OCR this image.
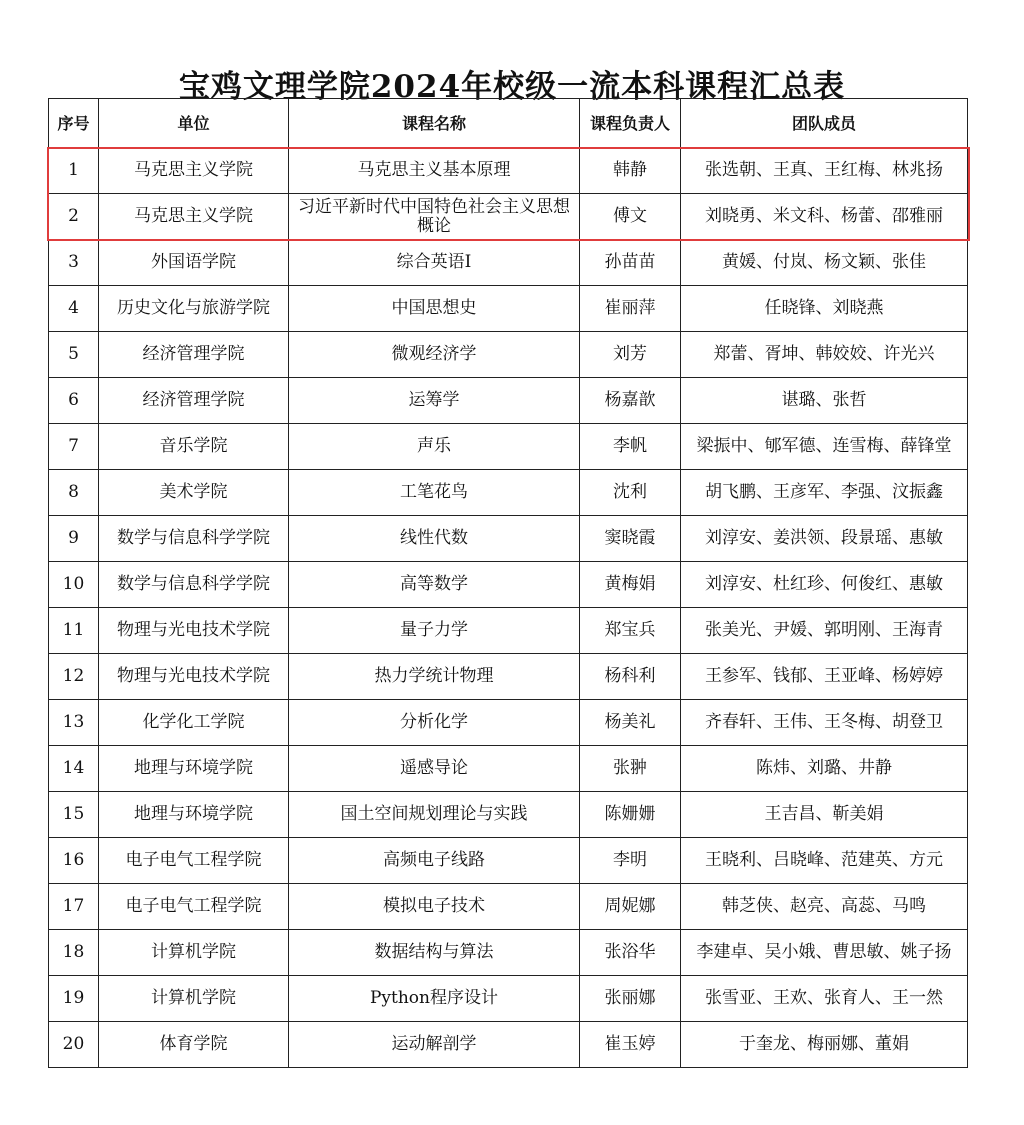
宝鸡文理学院2024年校级一流本科课程汇总表
序号	单位	课程名称	课程负责人	团队成员
1	马克思主义学院	马克思主义基本原理	韩静	张选朝、王真、王红梅、林兆扬
2	马克思主义学院	习近平新时代中国特色社会主义思想概论	傅文	刘晓勇、米文科、杨蕾、邵雅丽
3	外国语学院	综合英语I	孙苗苗	黄媛、付岚、杨文颖、张佳
4	历史文化与旅游学院	中国思想史	崔丽萍	任晓锋、刘晓燕
5	经济管理学院	微观经济学	刘芳	郑蕾、胥坤、韩姣姣、许光兴
6	经济管理学院	运筹学	杨嘉歆	谌璐、张哲
7	音乐学院	声乐	李帆	梁振中、郇军德、连雪梅、薛锋堂
8	美术学院	工笔花鸟	沈利	胡飞鹏、王彦军、李强、汶振鑫
9	数学与信息科学学院	线性代数	窦晓霞	刘淳安、姜洪领、段景瑶、惠敏
10	数学与信息科学学院	高等数学	黄梅娟	刘淳安、杜红珍、何俊红、惠敏
11	物理与光电技术学院	量子力学	郑宝兵	张美光、尹媛、郭明刚、王海青
12	物理与光电技术学院	热力学统计物理	杨科利	王参军、钱郁、王亚峰、杨婷婷
13	化学化工学院	分析化学	杨美礼	齐春轩、王伟、王冬梅、胡登卫
14	地理与环境学院	遥感导论	张翀	陈炜、刘璐、井静
15	地理与环境学院	国土空间规划理论与实践	陈姗姗	王吉昌、靳美娟
16	电子电气工程学院	高频电子线路	李明	王晓利、吕晓峰、范建英、方元
17	电子电气工程学院	模拟电子技术	周妮娜	韩芝侠、赵亮、高蕊、马鸣
18	计算机学院	数据结构与算法	张浴华	李建卓、吴小娥、曹思敏、姚子扬
19	计算机学院	Python程序设计	张丽娜	张雪亚、王欢、张育人、王一然
20	体育学院	运动解剖学	崔玉婷	于奎龙、梅丽娜、董娟
